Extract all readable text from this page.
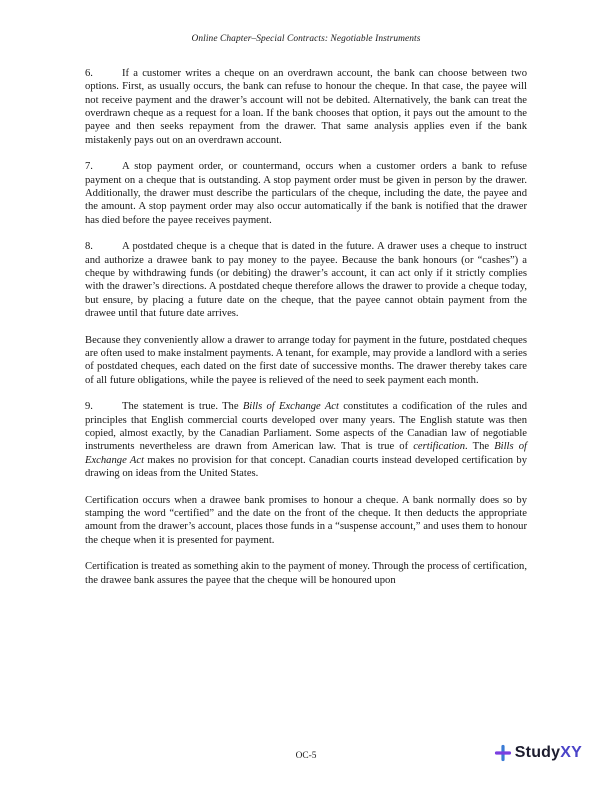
Online Chapter–Special Contracts: Negotiable Instruments

6.	If a customer writes a cheque on an overdrawn account, the bank can choose between two options. First, as usually occurs, the bank can refuse to honour the cheque. In that case, the payee will not receive payment and the drawer’s account will not be debited. Alternatively, the bank can treat the overdrawn cheque as a request for a loan. If the bank chooses that option, it pays out the amount to the payee and then seeks repayment from the drawer. That same analysis applies even if the bank mistakenly pays out on an overdrawn account.

7.	A stop payment order, or countermand, occurs when a customer orders a bank to refuse payment on a cheque that is outstanding. A stop payment order must be given in person by the drawer. Additionally, the drawer must describe the particulars of the cheque, including the date, the payee and the amount. A stop payment order may also occur automatically if the bank is notified that the drawer has died before the payee receives payment.

8.	A postdated cheque is a cheque that is dated in the future. A drawer uses a cheque to instruct and authorize a drawee bank to pay money to the payee. Because the bank honours (or “cashes”) a cheque by withdrawing funds (or debiting) the drawer’s account, it can act only if it strictly complies with the drawer’s directions. A postdated cheque therefore allows the drawer to provide a cheque today, but ensure, by placing a future date on the cheque, that the payee cannot obtain payment from the drawee until that future date arrives.

Because they conveniently allow a drawer to arrange today for payment in the future, postdated cheques are often used to make instalment payments. A tenant, for example, may provide a landlord with a series of postdated cheques, each dated on the first date of successive months. The drawer thereby takes care of all future obligations, while the payee is relieved of the need to seek payment each month.

9.	The statement is true. The Bills of Exchange Act constitutes a codification of the rules and principles that English commercial courts developed over many years. The English statute was then copied, almost exactly, by the Canadian Parliament. Some aspects of the Canadian law of negotiable instruments nevertheless are drawn from American law. That is true of certification. The Bills of Exchange Act makes no provision for that concept. Canadian courts instead developed certification by drawing on ideas from the United States.

Certification occurs when a drawee bank promises to honour a cheque. A bank normally does so by stamping the word “certified” and the date on the front of the cheque. It then deducts the appropriate amount from the drawer’s account, places those funds in a “suspense account,” and uses them to honour the cheque when it is presented for payment.

Certification is treated as something akin to the payment of money. Through the process of certification, the drawee bank assures the payee that the cheque will be honoured upon

OC-5	StudyXY
